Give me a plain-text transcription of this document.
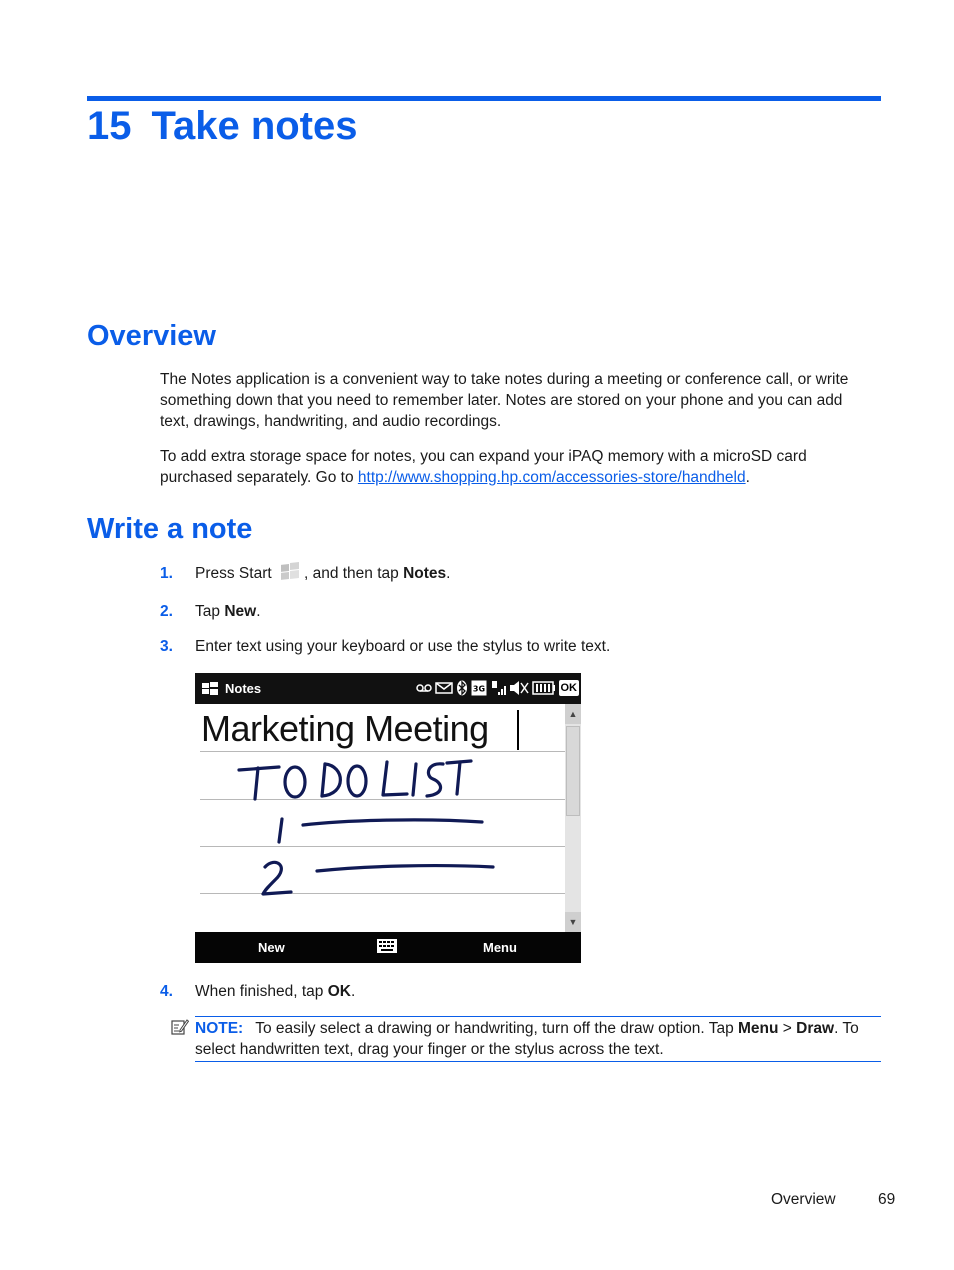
15 Take notes
Overview

The Notes application is a convenient way to take notes during a meeting or conference call, or write something down that you need to remember later. Notes are stored on your phone and you can add text, drawings, handwriting, and audio recordings.

To add extra storage space for notes, you can expand your iPAQ memory with a microSD card purchased separately. Go to http://www.shopping.hp.com/accessories-store/handheld.

Write a note
1. Press Start , and then tap Notes.
2. Tap New.
3. Enter text using your keyboard or use the stylus to write text.
Notes	3G	OK
Marketing Meeting	▲
▼
New	Menu
4. When finished, tap OK.
NOTE: To easily select a drawing or handwriting, turn off the draw option. Tap Menu > Draw. To select handwritten text, drag your finger or the stylus across the text.
Overview	69
